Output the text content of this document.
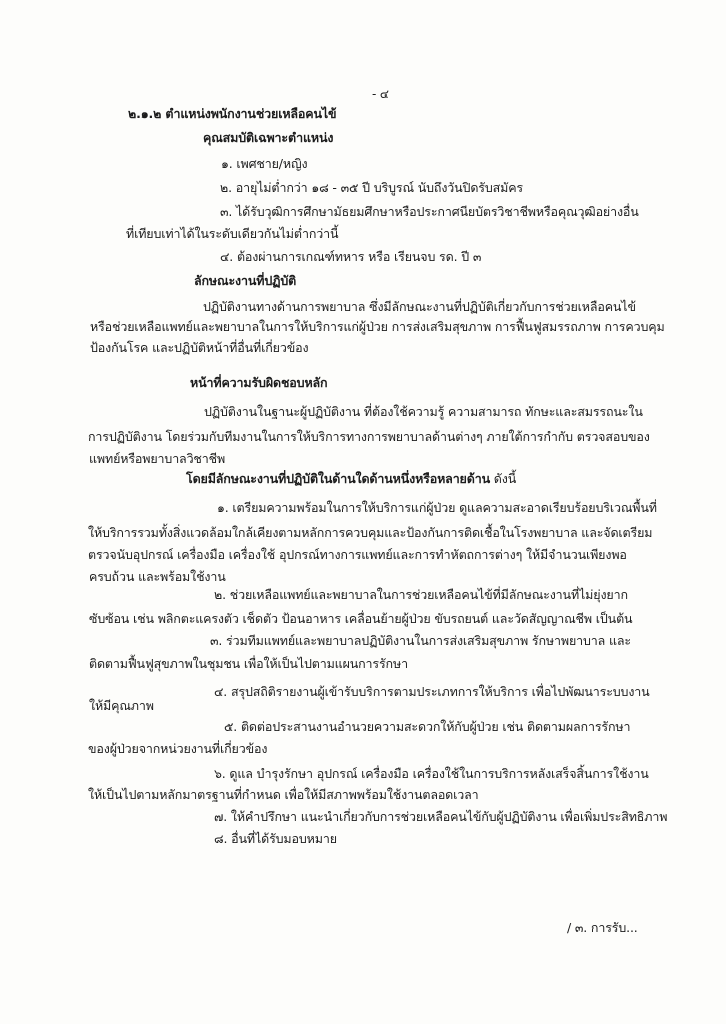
- ๔
๒.๑.๒ ตำแหน่งพนักงานช่วยเหลือคนไข้
คุณสมบัติเฉพาะตำแหน่ง
๑. เพศชาย/หญิง
๒. อายุไม่ต่ำกว่า ๑๘ - ๓๕ ปี บริบูรณ์ นับถึงวันปิดรับสมัคร
๓. ได้รับวุฒิการศึกษามัธยมศึกษาหรือประกาศนียบัตรวิชาชีพหรือคุณวุฒิอย่างอื่น
ที่เทียบเท่าได้ในระดับเดียวกันไม่ต่ำกว่านี้
๔. ต้องผ่านการเกณฑ์ทหาร หรือ เรียนจบ รด. ปี ๓
ลักษณะงานที่ปฏิบัติ
ปฏิบัติงานทางด้านการพยาบาล ซึ่งมีลักษณะงานที่ปฏิบัติเกี่ยวกับการช่วยเหลือคนไข้
หรือช่วยเหลือแพทย์และพยาบาลในการให้บริการแก่ผู้ป่วย การส่งเสริมสุขภาพ การฟื้นฟูสมรรถภาพ การควบคุม
ป้องกันโรค และปฏิบัติหน้าที่อื่นที่เกี่ยวข้อง
หน้าที่ความรับผิดชอบหลัก
ปฏิบัติงานในฐานะผู้ปฏิบัติงาน ที่ต้องใช้ความรู้ ความสามารถ ทักษะและสมรรถนะใน
การปฏิบัติงาน โดยร่วมกับทีมงานในการให้บริการทางการพยาบาลด้านต่างๆ ภายใต้การกำกับ ตรวจสอบของ
แพทย์หรือพยาบาลวิชาชีพ
โดยมีลักษณะงานที่ปฏิบัติในด้านใดด้านหนึ่งหรือหลายด้าน ดังนี้
๑. เตรียมความพร้อมในการให้บริการแก่ผู้ป่วย ดูแลความสะอาดเรียบร้อยบริเวณพื้นที่
ให้บริการรวมทั้งสิ่งแวดล้อมใกล้เคียงตามหลักการควบคุมและป้องกันการติดเชื้อในโรงพยาบาล และจัดเตรียม
ตรวจนับอุปกรณ์ เครื่องมือ เครื่องใช้ อุปกรณ์ทางการแพทย์และการทำหัตถการต่างๆ ให้มีจำนวนเพียงพอ
ครบถ้วน และพร้อมใช้งาน
๒. ช่วยเหลือแพทย์และพยาบาลในการช่วยเหลือคนไข้ที่มีลักษณะงานที่ไม่ยุ่งยาก
ซับซ้อน เช่น พลิกตะแครงตัว เช็ดตัว ป้อนอาหาร เคลื่อนย้ายผู้ป่วย ขับรถยนต์ และวัดสัญญาณชีพ เป็นต้น
๓. ร่วมทีมแพทย์และพยาบาลปฏิบัติงานในการส่งเสริมสุขภาพ รักษาพยาบาล และ
ติดตามฟื้นฟูสุขภาพในชุมชน เพื่อให้เป็นไปตามแผนการรักษา
๔. สรุปสถิติรายงานผู้เข้ารับบริการตามประเภทการให้บริการ เพื่อไปพัฒนาระบบงาน
ให้มีคุณภาพ
๕. ติดต่อประสานงานอำนวยความสะดวกให้กับผู้ป่วย เช่น ติดตามผลการรักษา
ของผู้ป่วยจากหน่วยงานที่เกี่ยวข้อง
๖. ดูแล บำรุงรักษา อุปกรณ์ เครื่องมือ เครื่องใช้ในการบริการหลังเสร็จสิ้นการใช้งาน
ให้เป็นไปตามหลักมาตรฐานที่กำหนด เพื่อให้มีสภาพพร้อมใช้งานตลอดเวลา
๗. ให้คำปรึกษา แนะนำเกี่ยวกับการช่วยเหลือคนไข้กับผู้ปฏิบัติงาน เพื่อเพิ่มประสิทธิภาพ
๘. อื่นที่ได้รับมอบหมาย
/ ๓. การรับ...
